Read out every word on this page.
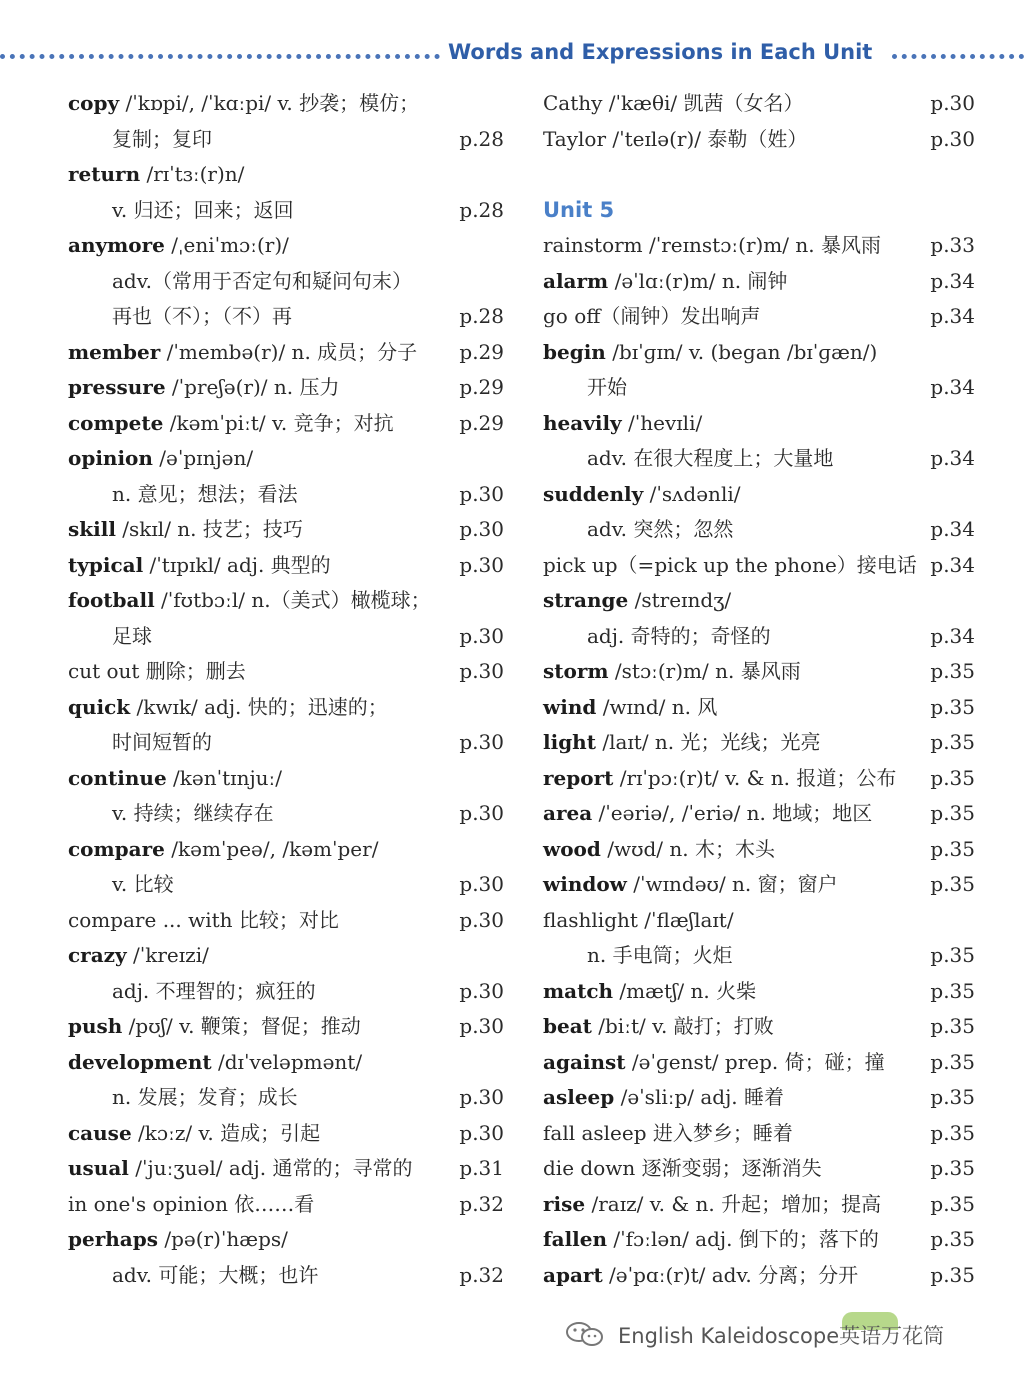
Words and Expressions in Each Unit
copy /ˈkɒpi/, /ˈkɑːpi/ v. 抄袭；模仿；
复制；复印	p.28
return /rɪˈtɜː(r)n/
v. 归还；回来；返回	p.28
anymore /ˌeniˈmɔː(r)/
adv.（常用于否定句和疑问句末）
再也（不）；（不）再	p.28
member /ˈmembə(r)/ n. 成员；分子 p.29
pressure /ˈpreʃə(r)/ n. 压力	p.29
compete /kəmˈpiːt/ v. 竞争；对抗	p.29
opinion /əˈpɪnjən/
n. 意见；想法；看法	p.30
skill /skɪl/ n. 技艺；技巧	p.30
typical /ˈtɪpɪkl/ adj. 典型的	p.30
football /ˈfʊtbɔːl/ n.（美式）橄榄球；
足球	p.30
cut out 删除；删去	p.30
quick /kwɪk/ adj. 快的；迅速的；
时间短暂的	p.30
continue /kənˈtɪnjuː/
v. 持续；继续存在	p.30
compare /kəmˈpeə/, /kəmˈper/
v. 比较	p.30
compare ... with 比较；对比	p.30
crazy /ˈkreɪzi/
adj. 不理智的；疯狂的	p.30
push /pʊʃ/ v. 鞭策；督促；推动	p.30
development /dɪˈveləpmənt/
n. 发展；发育；成长	p.30
cause /kɔːz/ v. 造成；引起	p.30
usual /ˈjuːʒuəl/ adj. 通常的；寻常的 p.31
in one's opinion 依……看	p.32
perhaps /pə(r)ˈhæps/
adv. 可能；大概；也许	p.32
Cathy /ˈkæθi/ 凯茜（女名）	p.30
Taylor /ˈteɪlə(r)/ 泰勒（姓）	p.30
Unit 5
rainstorm /ˈreɪnstɔː(r)m/ n. 暴风雨 p.33
alarm /əˈlɑː(r)m/ n. 闹钟	p.34
go off（闹钟）发出响声	p.34
begin /bɪˈɡɪn/ v. (began /bɪˈɡæn/)
开始	p.34
heavily /ˈhevɪli/
adv. 在很大程度上；大量地	p.34
suddenly /ˈsʌdənli/
adv. 突然；忽然	p.34
pick up（=pick up the phone）接电话 p.34
strange /streɪndʒ/
adj. 奇特的；奇怪的	p.34
storm /stɔː(r)m/ n. 暴风雨	p.35
wind /wɪnd/ n. 风	p.35
light /laɪt/ n. 光；光线；光亮	p.35
report /rɪˈpɔː(r)t/ v. & n. 报道；公布 p.35
area /ˈeəriə/, /ˈeriə/ n. 地域；地区	p.35
wood /wʊd/ n. 木；木头	p.35
window /ˈwɪndəʊ/ n. 窗；窗户	p.35
flashlight /ˈflæʃlaɪt/
n. 手电筒；火炬	p.35
match /mætʃ/ n. 火柴	p.35
beat /biːt/ v. 敲打；打败	p.35
against /əˈɡenst/ prep. 倚；碰；撞 p.35
asleep /əˈsliːp/ adj. 睡着	p.35
fall asleep 进入梦乡；睡着	p.35
die down 逐渐变弱；逐渐消失	p.35
rise /raɪz/ v. & n. 升起；增加；提高 p.35
fallen /ˈfɔːlən/ adj. 倒下的；落下的	p.35
apart /əˈpɑː(r)t/ adv. 分离；分开	p.35
English Kaleidoscope英语万花筒
